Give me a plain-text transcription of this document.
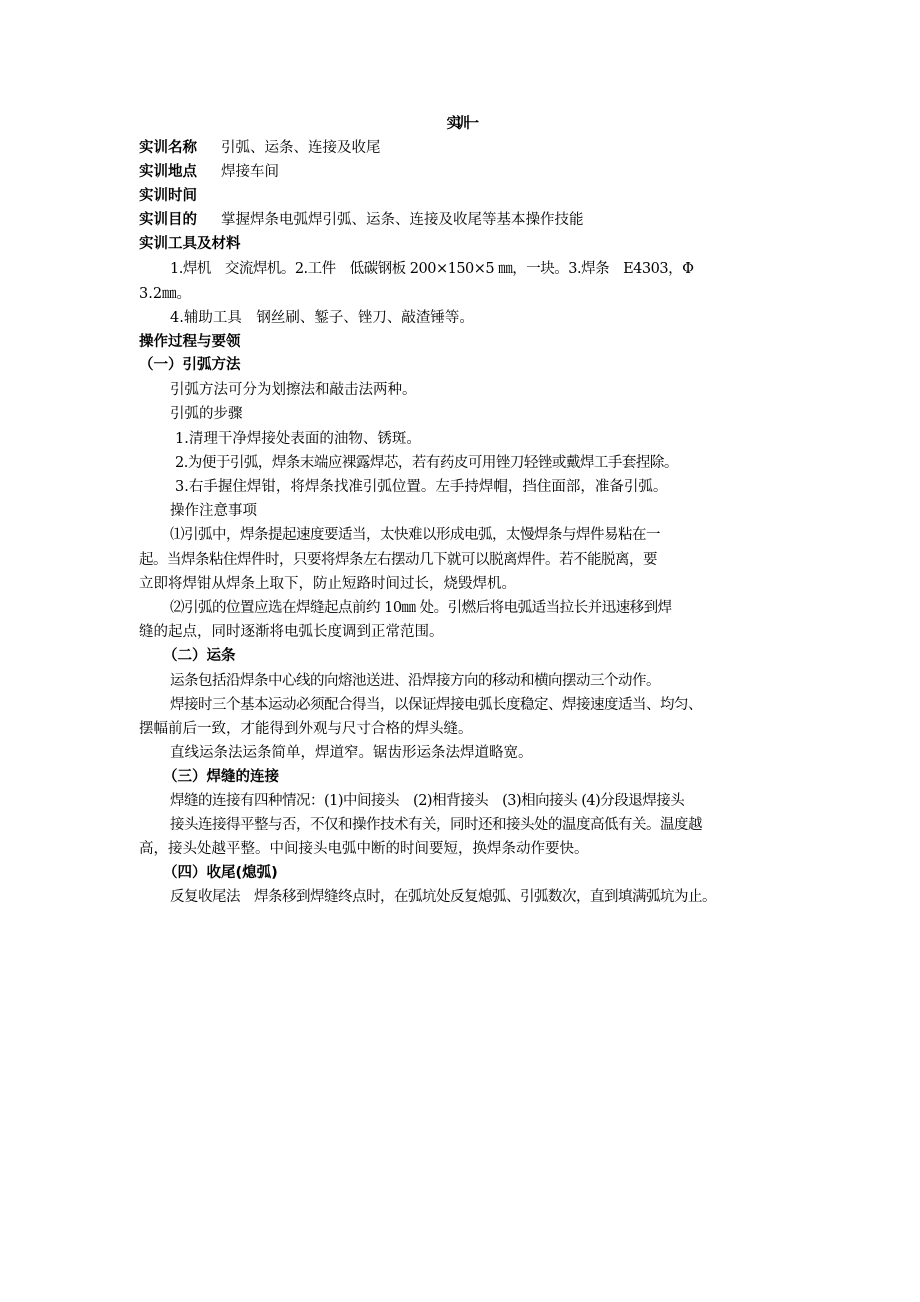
实训一
实训名称 引弧、运条、连接及收尾
实训地点 焊接车间
实训时间
实训目的 掌握焊条电弧焊引弧、运条、连接及收尾等基本操作技能
实训工具及材料
1.焊机　交流焊机。2.工件　低碳钢板 200×150×5 ㎜，一块。3.焊条　E4303，Φ
3.2㎜。
4.辅助工具　钢丝刷、錾子、锉刀、敲渣锤等。
操作过程与要领
（一）引弧方法
引弧方法可分为划擦法和敲击法两种。
引弧的步骤
1.清理干净焊接处表面的油物、锈斑。
2.为便于引弧，焊条末端应裸露焊芯，若有药皮可用锉刀轻锉或戴焊工手套捏除。
3.右手握住焊钳，将焊条找准引弧位置。左手持焊帽，挡住面部，准备引弧。
操作注意事项
⑴引弧中，焊条提起速度要适当，太快难以形成电弧，太慢焊条与焊件易粘在一
起。当焊条粘住焊件时，只要将焊条左右摆动几下就可以脱离焊件。若不能脱离，要
立即将焊钳从焊条上取下，防止短路时间过长，烧毁焊机。
⑵引弧的位置应选在焊缝起点前约 10㎜ 处。引燃后将电弧适当拉长并迅速移到焊
缝的起点，同时逐渐将电弧长度调到正常范围。
（二）运条
运条包括沿焊条中心线的向熔池送进、沿焊接方向的移动和横向摆动三个动作。
焊接时三个基本运动必须配合得当，以保证焊接电弧长度稳定、焊接速度适当、均匀、
摆幅前后一致，才能得到外观与尺寸合格的焊头缝。
直线运条法运条简单，焊道窄。锯齿形运条法焊道略宽。
（三）焊缝的连接
焊缝的连接有四种情况：(1)中间接头　(2)相背接头　(3)相向接头 (4)分段退焊接头
接头连接得平整与否，不仅和操作技术有关，同时还和接头处的温度高低有关。温度越
高，接头处越平整。中间接头电弧中断的时间要短，换焊条动作要快。
（四）收尾(熄弧)
反复收尾法　焊条移到焊缝终点时，在弧坑处反复熄弧、引弧数次，直到填满弧坑为止。
